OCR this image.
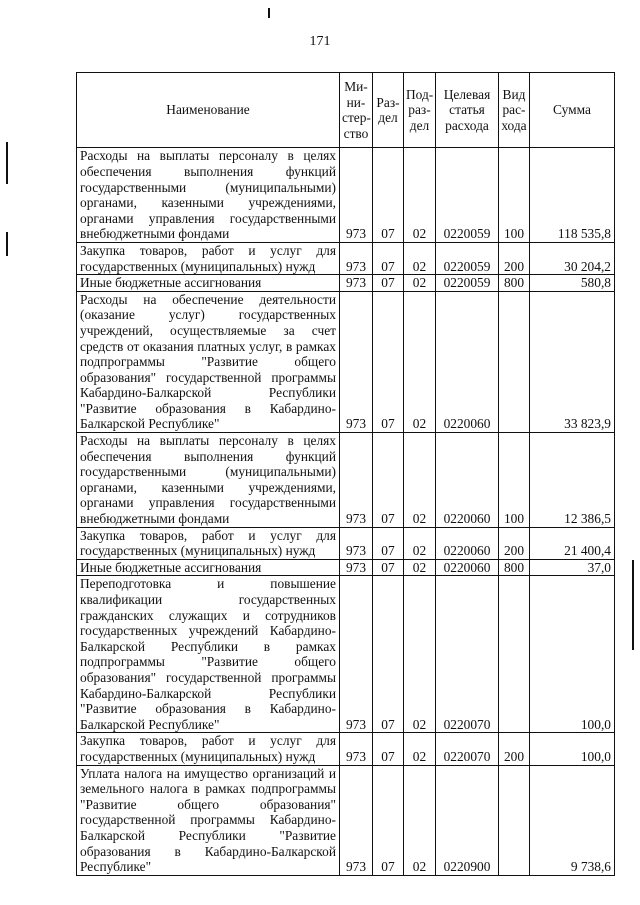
171
Наименование	Ми-ни-стер-ство	Раз-дел	Под-раз-дел	Целевая статья расхода	Вид рас-хода	Сумма
Расходы на выплаты персоналу в целях обеспечения выполнения функций государственными (муниципальными) органами, казенными учреждениями, органами управления государственными внебюджетными фондами	973	07	02	0220059	100	118 535,8
Закупка товаров, работ и услуг для государственных (муниципальных) нужд	973	07	02	0220059	200	30 204,2
Иные бюджетные ассигнования	973	07	02	0220059	800	580,8
Расходы на обеспечение деятельности (оказание услуг) государственных учреждений, осуществляемые за счет средств от оказания платных услуг, в рамках подпрограммы "Развитие общего образования" государственной программы Кабардино-Балкарской Республики "Развитие образования в Кабардино-Балкарской Республике"	973	07	02	0220060		33 823,9
Расходы на выплаты персоналу в целях обеспечения выполнения функций государственными (муниципальными) органами, казенными учреждениями, органами управления государственными внебюджетными фондами	973	07	02	0220060	100	12 386,5
Закупка товаров, работ и услуг для государственных (муниципальных) нужд	973	07	02	0220060	200	21 400,4
Иные бюджетные ассигнования	973	07	02	0220060	800	37,0
Переподготовка и повышение квалификации государственных гражданских служащих и сотрудников государственных учреждений Кабардино-Балкарской Республики в рамках подпрограммы "Развитие общего образования" государственной программы Кабардино-Балкарской Республики "Развитие образования в Кабардино-Балкарской Республике"	973	07	02	0220070		100,0
Закупка товаров, работ и услуг для государственных (муниципальных) нужд	973	07	02	0220070	200	100,0
Уплата налога на имущество организаций и земельного налога в рамках подпрограммы "Развитие общего образования" государственной программы Кабардино-Балкарской Республики "Развитие образования в Кабардино-Балкарской Республике"	973	07	02	0220900		9 738,6
